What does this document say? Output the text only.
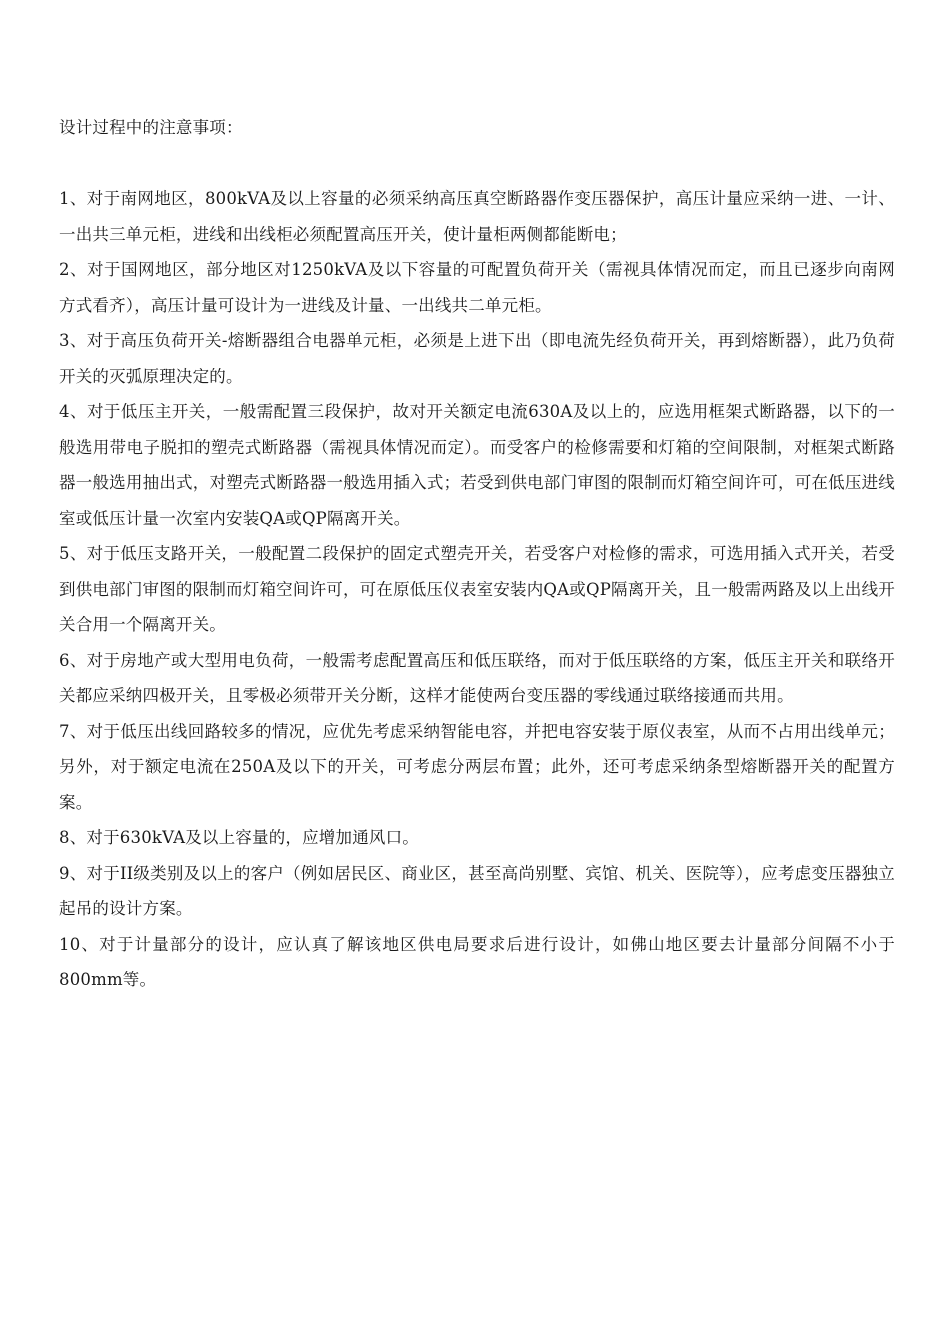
设计过程中的注意事项：

1、对于南网地区，800kVA及以上容量的必须采纳高压真空断路器作变压器保护，高压计量应采纳一进、一计、一出共三单元柜，进线和出线柜必须配置高压开关，使计量柜两侧都能断电；
2、对于国网地区，部分地区对1250kVA及以下容量的可配置负荷开关（需视具体情况而定，而且已逐步向南网方式看齐），高压计量可设计为一进线及计量、一出线共二单元柜。
3、对于高压负荷开关-熔断器组合电器单元柜，必须是上进下出（即电流先经负荷开关，再到熔断器），此乃负荷开关的灭弧原理决定的。
4、对于低压主开关，一般需配置三段保护，故对开关额定电流630A及以上的，应选用框架式断路器，以下的一般选用带电子脱扣的塑壳式断路器（需视具体情况而定）。而受客户的检修需要和灯箱的空间限制，对框架式断路器一般选用抽出式，对塑壳式断路器一般选用插入式；若受到供电部门审图的限制而灯箱空间许可，可在低压进线室或低压计量一次室内安装QA或QP隔离开关。
5、对于低压支路开关，一般配置二段保护的固定式塑壳开关，若受客户对检修的需求，可选用插入式开关，若受到供电部门审图的限制而灯箱空间许可，可在原低压仪表室安装内QA或QP隔离开关，且一般需两路及以上出线开关合用一个隔离开关。
6、对于房地产或大型用电负荷，一般需考虑配置高压和低压联络，而对于低压联络的方案，低压主开关和联络开关都应采纳四极开关，且零极必须带开关分断，这样才能使两台变压器的零线通过联络接通而共用。
7、对于低压出线回路较多的情况，应优先考虑采纳智能电容，并把电容安装于原仪表室，从而不占用出线单元；另外，对于额定电流在250A及以下的开关，可考虑分两层布置；此外，还可考虑采纳条型熔断器开关的配置方案。
8、对于630kVA及以上容量的，应增加通风口。
9、对于II级类别及以上的客户（例如居民区、商业区，甚至高尚别墅、宾馆、机关、医院等），应考虑变压器独立起吊的设计方案。
10、对于计量部分的设计，应认真了解该地区供电局要求后进行设计，如佛山地区要去计量部分间隔不小于800mm等。
